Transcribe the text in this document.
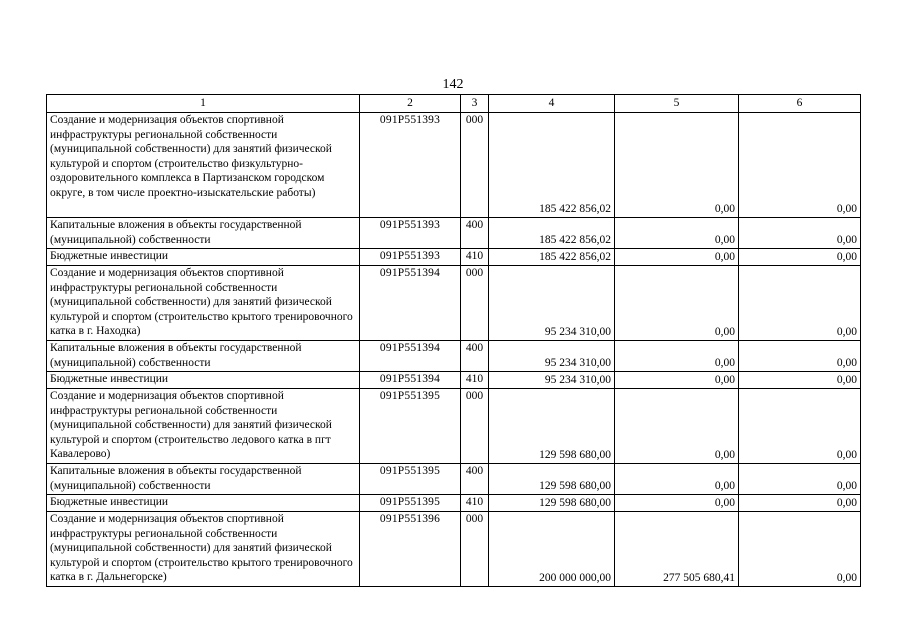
142
1	2	3	4	5	6
Создание и модернизация объектов спортивной инфраструктуры региональной собственности (муниципальной собственности) для занятий физической культурой и спортом (строительство физкультурно-оздоровительного комплекса в Партизанском городском округе, в том числе проектно-изыскательские работы)	091P551393	000	185 422 856,02	0,00	0,00
Капитальные вложения в объекты государственной (муниципальной) собственности	091P551393	400	185 422 856,02	0,00	0,00
Бюджетные инвестиции	091P551393	410	185 422 856,02	0,00	0,00
Создание и модернизация объектов спортивной инфраструктуры региональной собственности (муниципальной собственности) для занятий физической культурой и спортом (строительство крытого тренировочного катка в г. Находка)	091P551394	000	95 234 310,00	0,00	0,00
Капитальные вложения в объекты государственной (муниципальной) собственности	091P551394	400	95 234 310,00	0,00	0,00
Бюджетные инвестиции	091P551394	410	95 234 310,00	0,00	0,00
Создание и модернизация объектов спортивной инфраструктуры региональной собственности (муниципальной собственности) для занятий физической культурой и спортом (строительство ледового катка в пгт Кавалерово)	091P551395	000	129 598 680,00	0,00	0,00
Капитальные вложения в объекты государственной (муниципальной) собственности	091P551395	400	129 598 680,00	0,00	0,00
Бюджетные инвестиции	091P551395	410	129 598 680,00	0,00	0,00
Создание и модернизация объектов спортивной инфраструктуры региональной собственности (муниципальной собственности) для занятий физической культурой и спортом (строительство крытого тренировочного катка в г. Дальнегорске)	091P551396	000	200 000 000,00	277 505 680,41	0,00
